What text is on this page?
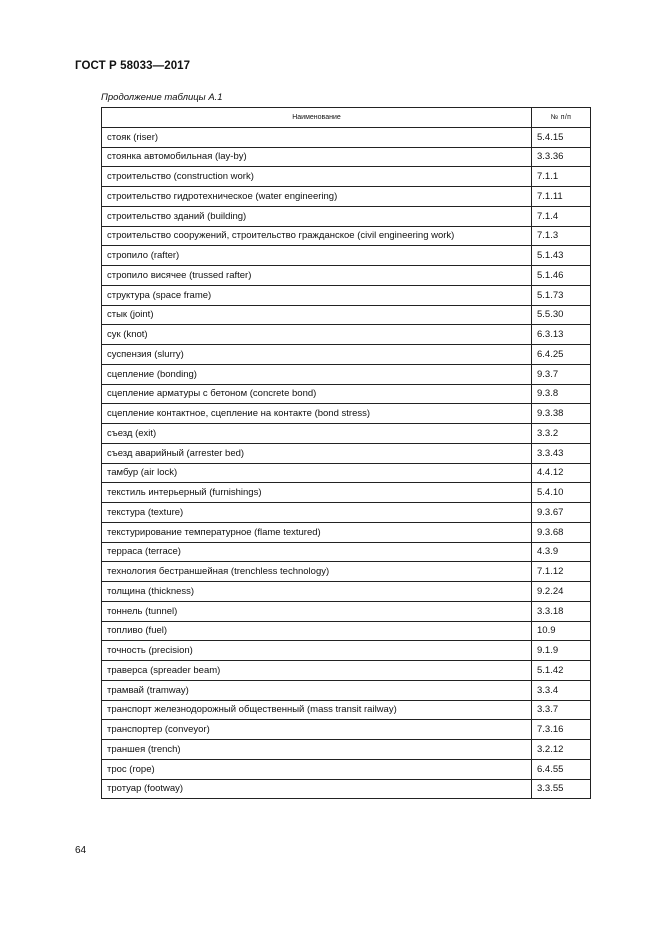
ГОСТ Р 58033—2017
Продолжение таблицы А.1
Наименование	№ п/п
стояк (riser)	5.4.15
стоянка автомобильная (lay-by)	3.3.36
строительство (construction work)	7.1.1
строительство гидротехническое (water engineering)	7.1.11
строительство зданий (building)	7.1.4
строительство сооружений, строительство гражданское (civil engineering work)	7.1.3
стропило (rafter)	5.1.43
стропило висячее (trussed rafter)	5.1.46
структура (space frame)	5.1.73
стык (joint)	5.5.30
сук (knot)	6.3.13
суспензия (slurry)	6.4.25
сцепление (bonding)	9.3.7
сцепление арматуры с бетоном (concrete bond)	9.3.8
сцепление контактное, сцепление на контакте (bond stress)	9.3.38
съезд (exit)	3.3.2
съезд аварийный (arrester bed)	3.3.43
тамбур (air lock)	4.4.12
текстиль интерьерный (furnishings)	5.4.10
текстура (texture)	9.3.67
текстурирование температурное (flame textured)	9.3.68
терраса (terrace)	4.3.9
технология бестраншейная (trenchless technology)	7.1.12
толщина (thickness)	9.2.24
тоннель (tunnel)	3.3.18
топливо (fuel)	10.9
точность (precision)	9.1.9
траверса (spreader beam)	5.1.42
трамвай (tramway)	3.3.4
транспорт железнодорожный общественный (mass transit railway)	3.3.7
транспортер (conveyor)	7.3.16
траншея (trench)	3.2.12
трос (rope)	6.4.55
тротуар (footway)	3.3.55
64
